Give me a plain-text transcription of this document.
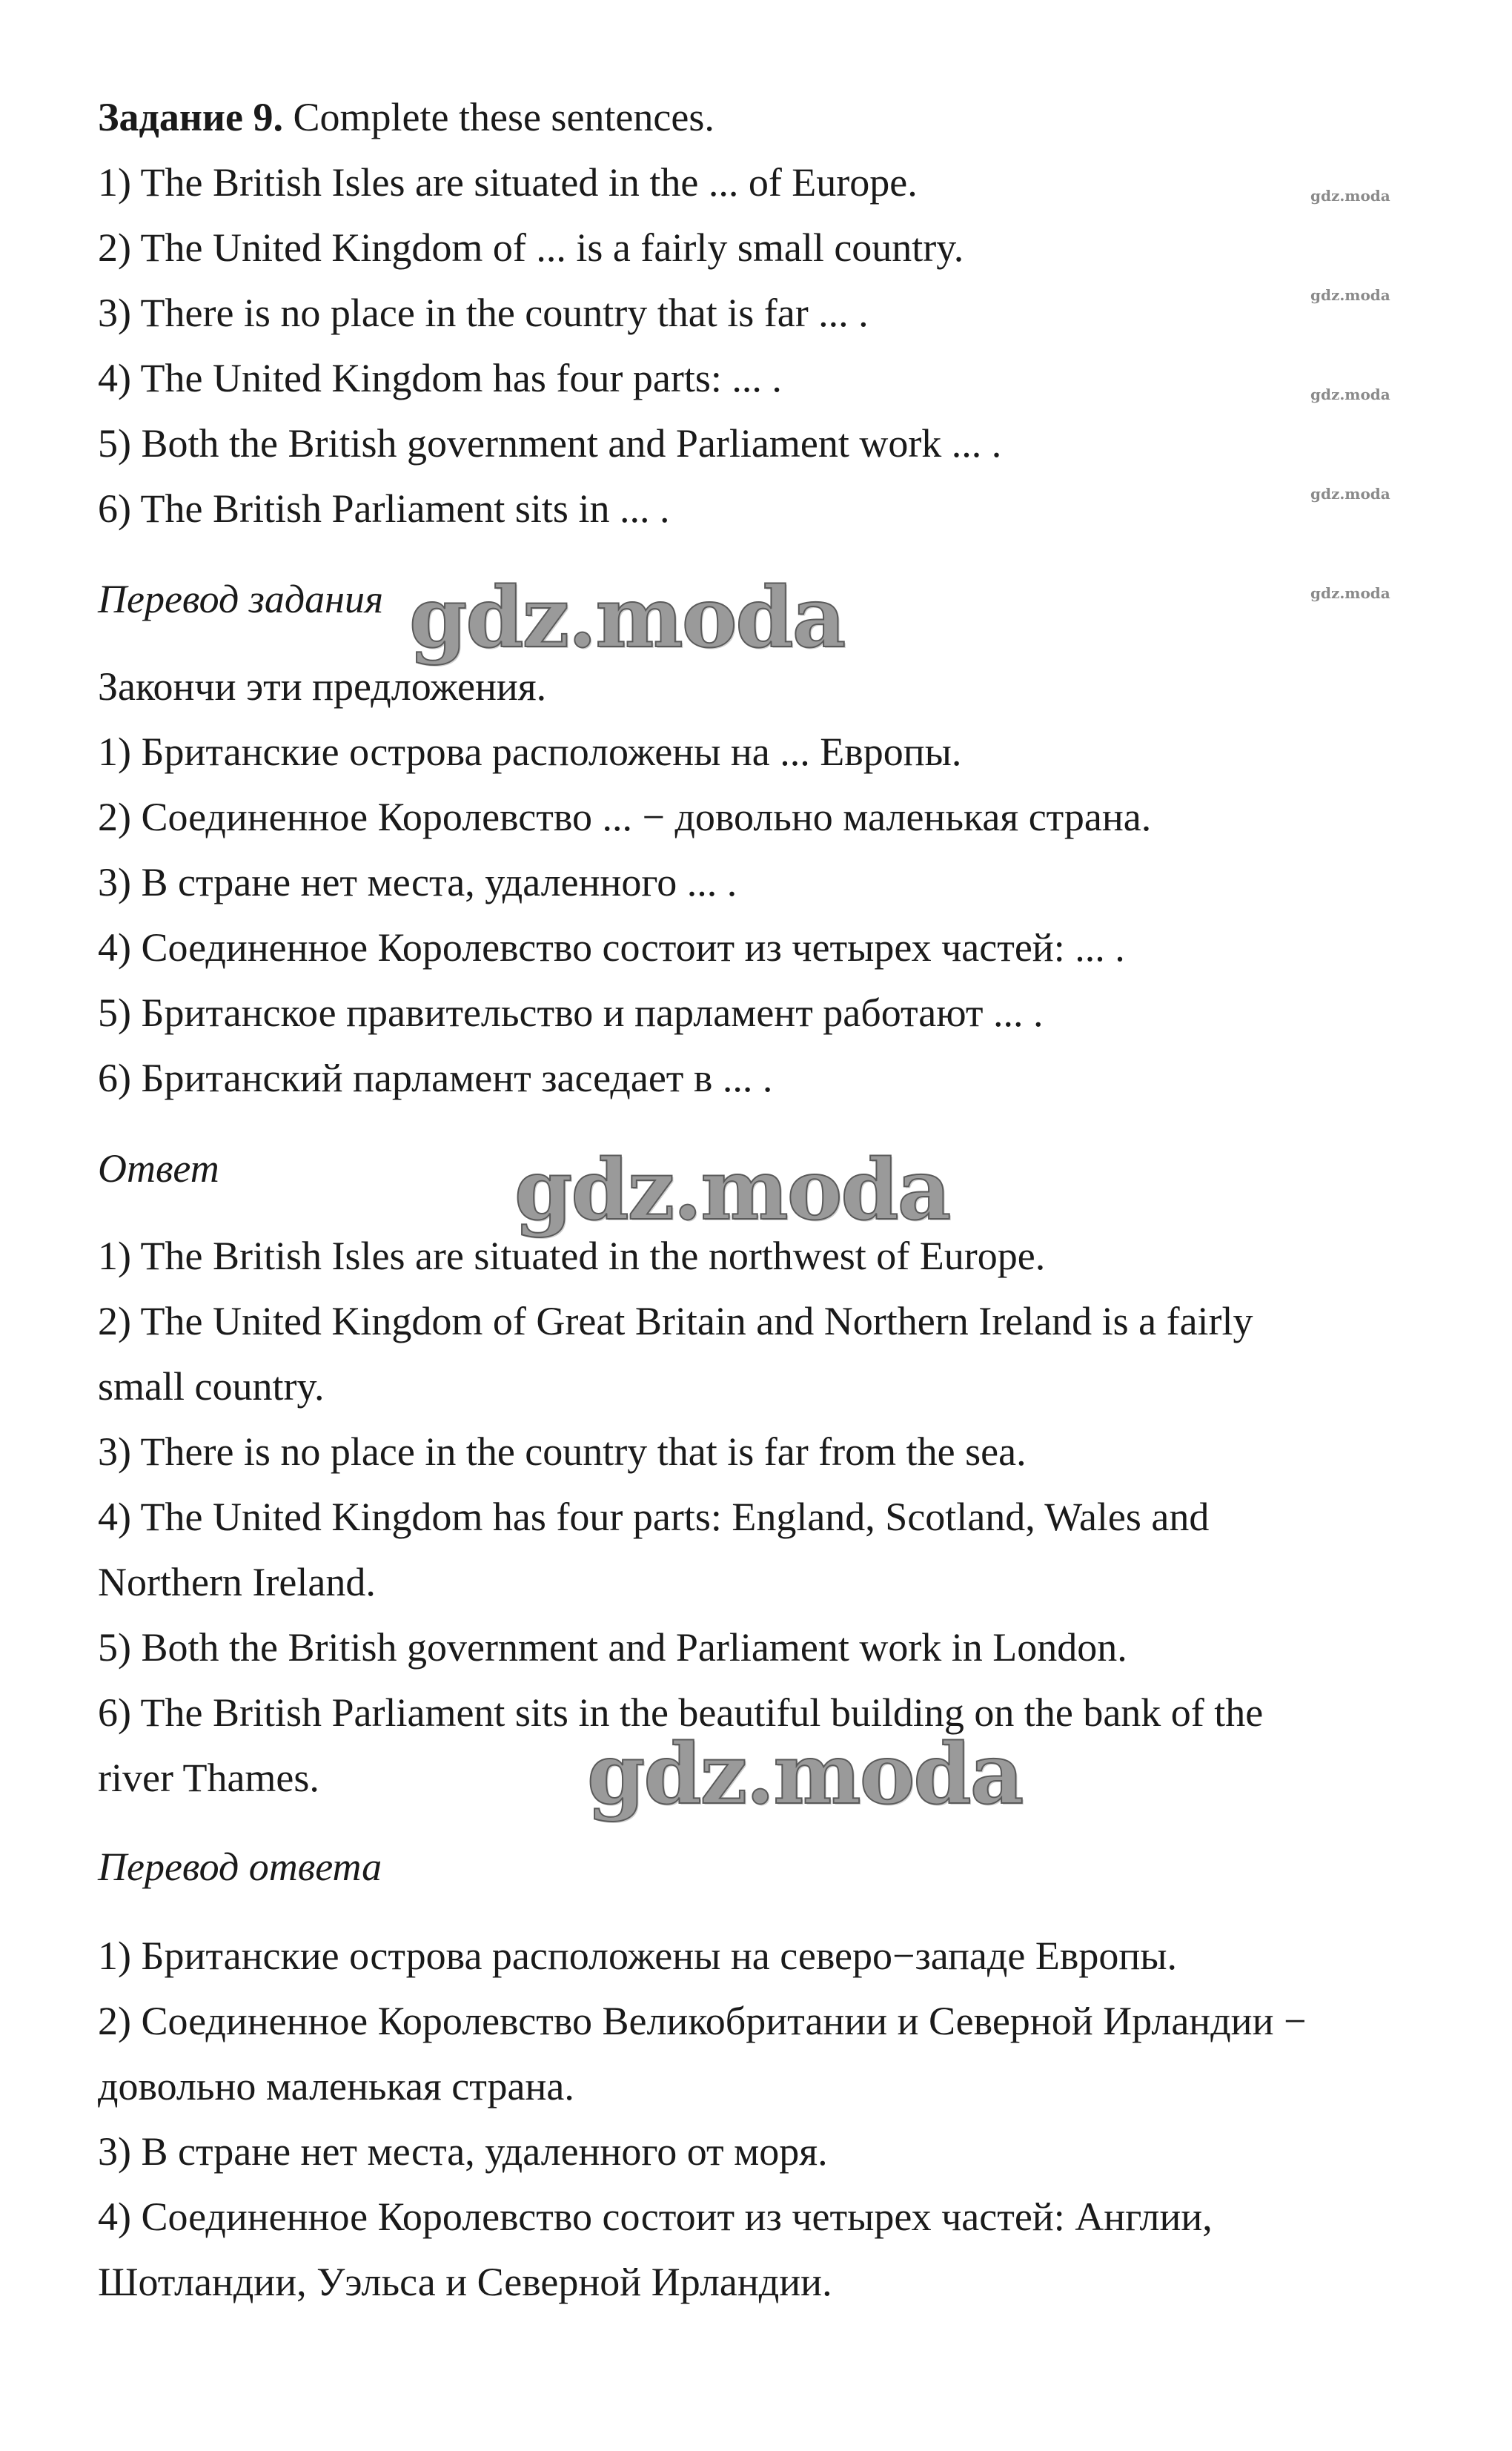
Задание 9. Complete these sentences.
1) The British Isles are situated in the ... of Europe.
2) The United Kingdom of ... is a fairly small country.
3) There is no place in the country that is far ... .
4) The United Kingdom has four parts: ... .
5) Both the British government and Parliament work ... .
6) The British Parliament sits in ... .
gdz.moda
gdz.moda
gdz.moda
gdz.moda
gdz.moda
Перевод задания gdz.moda
Закончи эти предложения.
1) Британские острова расположены на ... Европы.
2) Соединенное Королевство ... − довольно маленькая страна.
3) В стране нет места, удаленного ... .
4) Соединенное Королевство состоит из четырех частей: ... .
5) Британское правительство и парламент работают ... .
6) Британский парламент заседает в ... .
Ответ	gdz.moda
1) The British Isles are situated in the northwest of Europe.
2) The United Kingdom of Great Britain and Northern Ireland is a fairly
small country.
3) There is no place in the country that is far from the sea.
4) The United Kingdom has four parts: England, Scotland, Wales and
Northern Ireland.
5) Both the British government and Parliament work in London.
6) The British Parliament sits in the beautiful building on the bank of the
river Thames.	gdz.moda
Перевод ответа
1) Британские острова расположены на северо−западе Европы.
2) Соединенное Королевство Великобритании и Северной Ирландии −
довольно маленькая страна.
3) В стране нет места, удаленного от моря.
4) Соединенное Королевство состоит из четырех частей: Англии,
Шотландии, Уэльса и Северной Ирландии.
